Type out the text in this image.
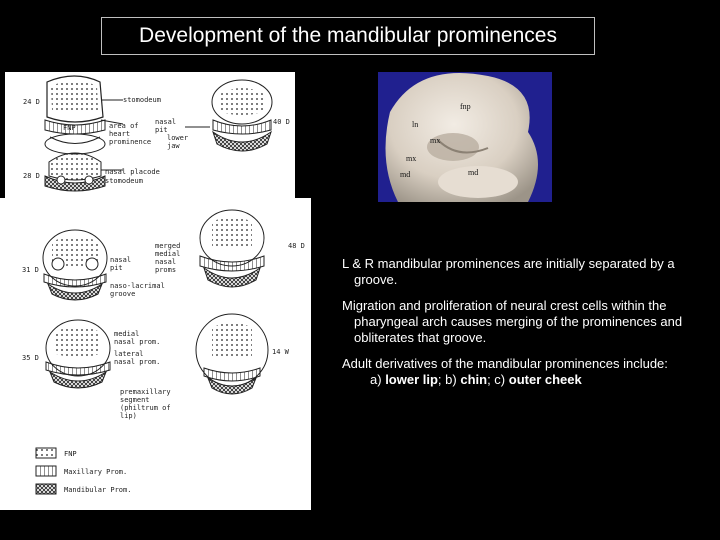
Development of the mandibular prominences
24 D	stomodeum
FNP	area of
heart
prominence
nasal
pit
lower
jaw
40 D
28 D	nasal placode
stomodeum
48 D
merged
medial
nasal
proms
31 D
nasal
pit
naso-lacrimal
groove
35 D
medial
nasal prom.
lateral
nasal prom.
14 W
premaxillary
segment
(philtrum of
lip)
FNP
Maxillary Prom.
Mandibular Prom.
fnp
ln
mx
mx
md	md

L & R mandibular prominences are initially separated by a groove.

Migration and proliferation of neural crest cells within the pharyngeal arch causes merging of the prominences and obliterates that groove.

Adult derivatives of the mandibular prominences include:
a) lower lip; b) chin; c) outer cheek
